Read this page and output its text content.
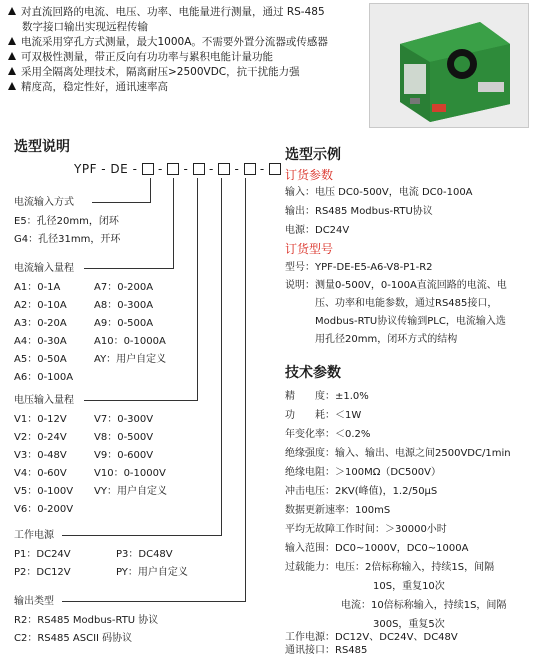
对直流回路的电流、电压、功率、电能量进行测量，通过 RS-485
数字接口输出实现远程传输
电流采用穿孔方式测量，最大1000A。不需要外置分流器或传感器
可双极性测量，带正反向有功功率与累积电能计量功能
采用全隔离处理技术，隔离耐压>2500VDC，抗干扰能力强
精度高，稳定性好，通讯速率高
选型说明
YPF - DE -  -  -  -  -  -
电流输入方式
E5：孔径20mm，闭环
G4：孔径31mm，开环
电流输入量程
A1：0-1A	A7：0-200A
A2：0-10A	A8：0-300A
A3：0-20A	A9：0-500A
A4：0-30A	A10：0-1000A
A5：0-50A	AY：用户自定义
A6：0-100A
电压输入量程
V1：0-12V	V7：0-300V
V2：0-24V	V8：0-500V
V3：0-48V	V9：0-600V
V4：0-60V	V10：0-1000V
V5：0-100V VY：用户自定义
V6：0-200V
工作电源
P1：DC24V	P3：DC48V
P2：DC12V	PY：用户自定义
输出类型
R2：RS485 Modbus-RTU 协议
C2：RS485 ASCII 码协议
选型示例
订货参数
输入：电压 DC0-500V，电流 DC0-100A
输出：RS485 Modbus-RTU协议
电源：DC24V
订货型号
型号：YPF-DE-E5-A6-V8-P1-R2
说明： 测量0-500V，0-100A直流回路的电流、电
压、功率和电能参数，通过RS485接口，
Modbus-RTU协议传输到PLC，电流输入选
用孔径20mm，闭环方式的结构
技术参数
精　　度：±1.0%
功　　耗：＜1W
年变化率：＜0.2%
绝缘强度：输入、输出、电源之间2500VDC/1min
绝缘电阻：＞100MΩ（DC500V）
冲击电压：2KV(峰值)，1.2/50μS
数据更新速率：100mS
平均无故障工作时间：＞30000小时
输入范围：DC0~1000V，DC0~1000A
过载能力：电压：2倍标称输入，持续1S，间隔
10S，重复10次
电流：10倍标称输入，持续1S，间隔
300S，重复5次
工作电源：DC12V、DC24V、DC48V
通讯接口：RS485
